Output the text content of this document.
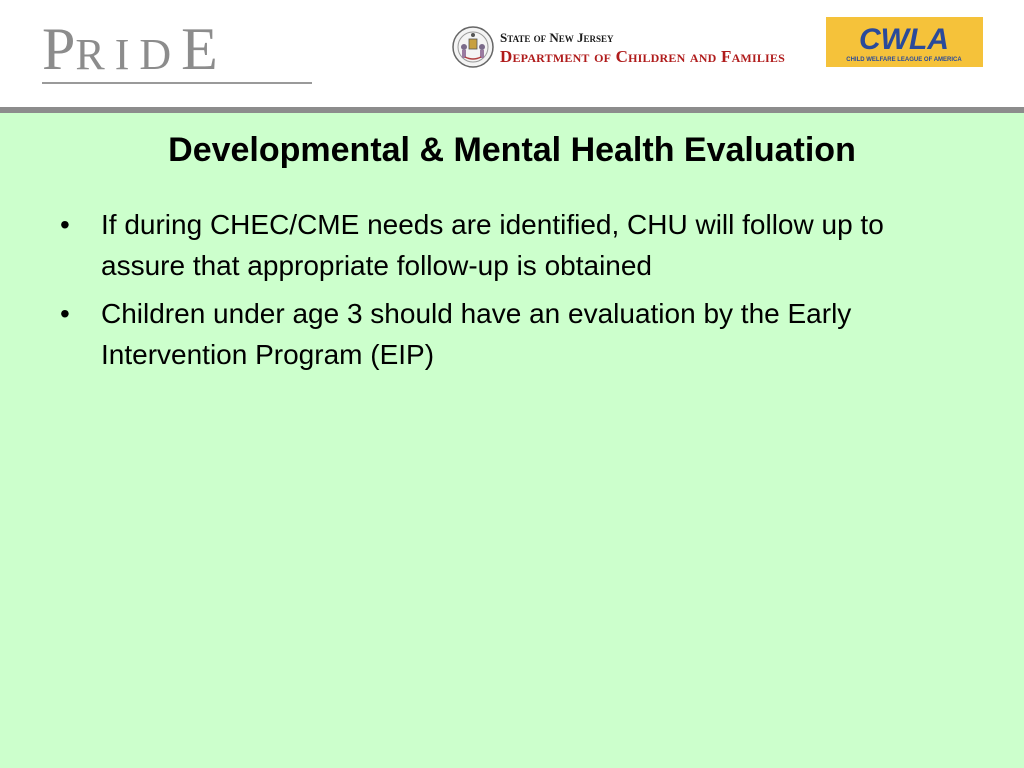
PRIDE	State of New Jersey
Department of Children and Families
CWLA
CHILD WELFARE LEAGUE OF AMERICA
Developmental & Mental Health Evaluation
• If during CHEC/CME needs are identified, CHU will follow up to assure that appropriate follow-up is obtained
• Children under age 3 should have an evaluation by the Early Intervention Program (EIP)
